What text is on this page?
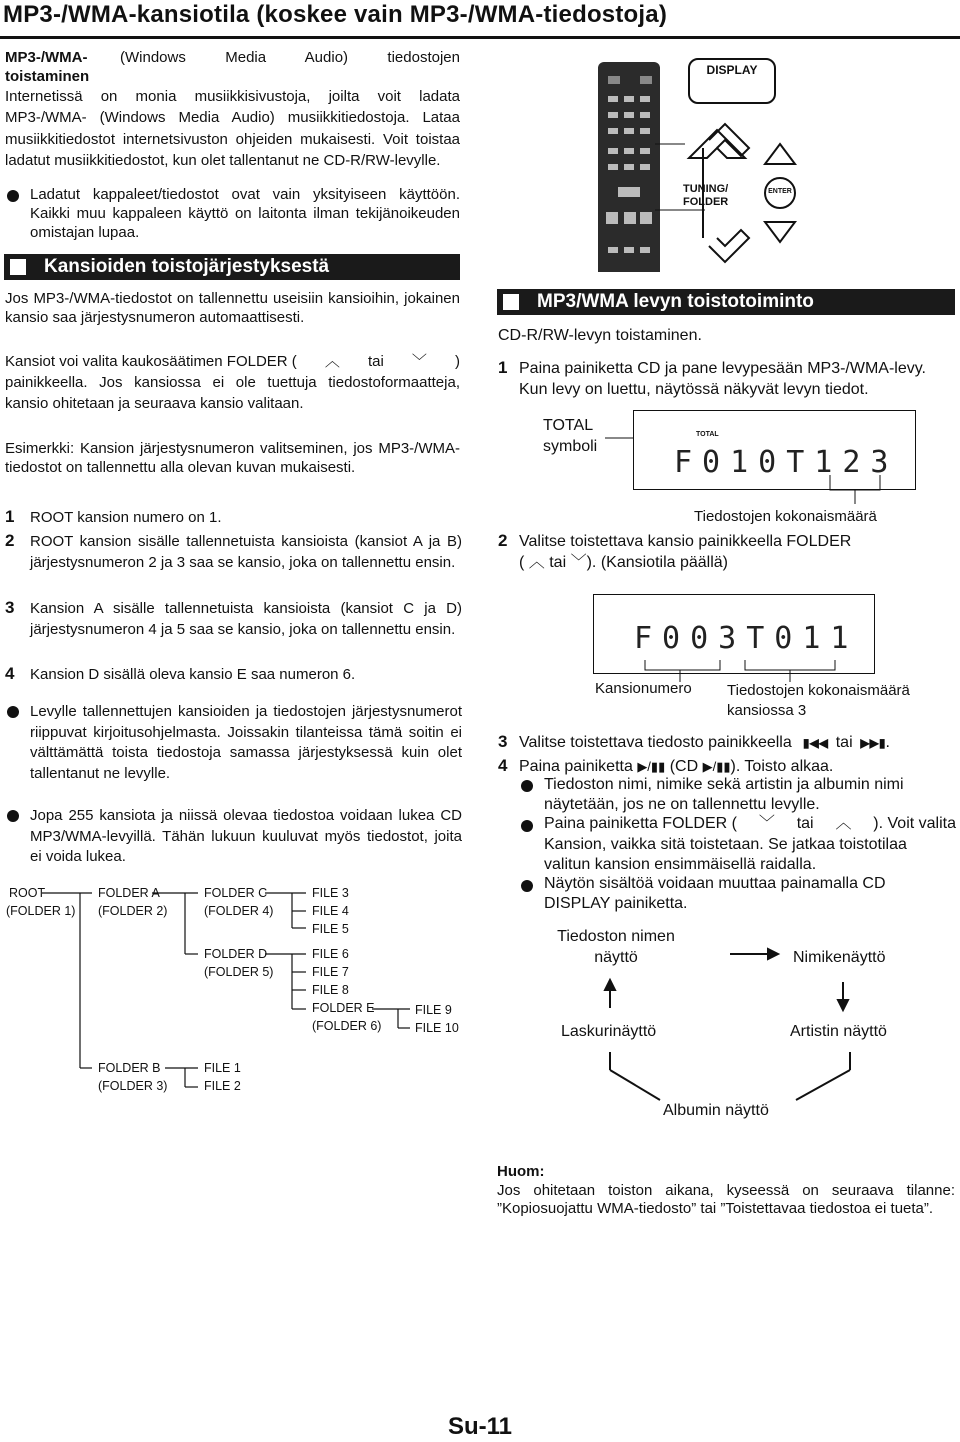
MP3-/WMA-kansiotila (koskee vain MP3-/WMA-tiedostoja)
MP3-/WMA- (Windows Media Audio) tiedostojen
toistaminen
Internetissä on monia musiikkisivustoja, joilta voit ladata MP3-/WMA- (Windows Media Audio) musiikkitiedostoja. Lataa musiikkitiedostot internetsivuston ohjeiden mukaisesti. Voit toistaa ladatut musiikkitiedostot, kun olet tallentanut ne CD-R/RW-levylle.
Ladatut kappaleet/tiedostot ovat vain yksityiseen käyttöön. Kaikki muu kappaleen käyttö on laitonta ilman tekijänoikeuden omistajan lupaa.
DISPLAY
TUNING/
FOLDER
ENTER
Kansioiden toistojärjestyksestä
Jos MP3-/WMA-tiedostot on tallennettu useisiin kansioihin, jokainen kansio saa järjestysnumeron automaattisesti.
Kansiot voi valita kaukosäätimen FOLDER ( ︿	tai ﹀	)
painikkeella. Jos kansiossa ei ole tuettuja tiedostoformaatteja, kansio ohitetaan ja seuraava kansio valitaan.
Esimerkki: Kansion järjestysnumeron valitseminen, jos MP3-/WMA-tiedostot on tallennettu alla olevan kuvan mukaisesti.
1 ROOT kansion numero on 1.
2 ROOT kansion sisälle tallennetuista kansioista (kansiot A ja B) järjestysnumeron 2 ja 3 saa se kansio, joka on tallennettu ensin.
3 Kansion A sisälle tallennetuista kansioista (kansiot C ja D) järjestysnumeron 4 ja 5 saa se kansio, joka on tallennettu ensin.
4 Kansion D sisällä oleva kansio E saa numeron 6.
Levylle tallennettujen kansioiden ja tiedostojen järjestysnumerot riippuvat kirjoitusohjelmasta. Joissakin tilanteissa tämä soitin ei välttämättä toista tiedostoja samassa järjestyksessä kuin olet tallentanut ne levylle.
Jopa 255 kansiota ja niissä olevaa tiedostoa voidaan lukea CD MP3/WMA-levyillä. Tähän lukuun kuuluvat myös tiedostot, joita ei voida lukea.
ROOT
(FOLDER 1)
FOLDER A
(FOLDER 2)
FOLDER C
(FOLDER 4)
FOLDER D
(FOLDER 5)
FILE 3
FILE 4
FILE 5
FILE 6
FILE 7
FILE 8
FOLDER E
(FOLDER 6)
FILE 9
FILE 10
FOLDER B
(FOLDER 3)
FILE 1
FILE 2
MP3/WMA levyn toistotoiminto
CD-R/RW-levyn toistaminen.
1 Paina painiketta CD ja pane levypesään MP3-/WMA-levy. Kun levy on luettu, näytössä näkyvät levyn tiedot.
TOTAL
symboli
TOTAL
F010T123
Tiedostojen kokonaismäärä
2 Valitse toistettava kansio painikkeella FOLDER
( ︿ tai ﹀). (Kansiotila päällä)
F003T011
Kansionumero Tiedostojen kokonaismäärä
kansiossa 3
3 Valitse toistettava tiedosto painikkeella   ▮◀◀  tai  ▶▶▮.
4 Paina painiketta ▶/▮▮ (CD ▶/▮▮). Toisto alkaa.
Tiedoston nimi, nimike sekä artistin ja albumin nimi näytetään, jos ne on tallennettu levylle.
Paina painiketta FOLDER ( ﹀ tai ︿ ). Voit valita
Kansion, vaikka sitä toistetaan. Se jatkaa toistotilaa valitun kansion ensimmäisellä raidalla.
Näytön sisältöä voidaan muuttaa painamalla CD DISPLAY painiketta.
Tiedoston nimen
näyttö	Nimikenäyttö
Laskurinäyttö	Artistin näyttö
Albumin näyttö
Huom:
Jos ohitetaan toiston aikana, kyseessä on seuraava tilanne: ”Kopiosuojattu WMA-tiedosto” tai ”Toistettavaa tiedostoa ei tueta”.
Su-11
